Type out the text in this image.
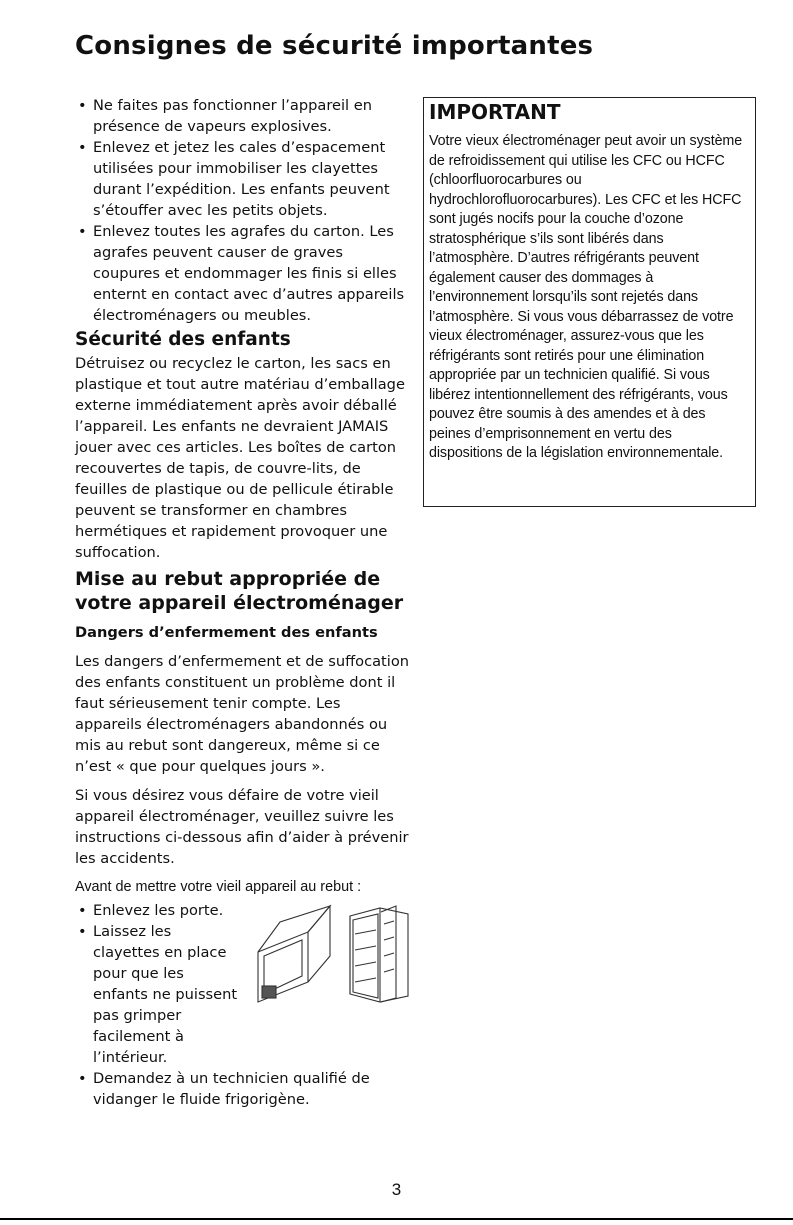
Consignes de sécurité importantes
• Ne faites pas fonctionner l’appareil en présence de vapeurs explosives.
• Enlevez et jetez les cales d’espacement utilisées pour immobiliser les clayettes durant l’expédition. Les enfants peuvent s’étouffer avec les petits objets.
• Enlevez toutes les agrafes du carton. Les agrafes peuvent causer de graves coupures et endommager les finis si elles enternt en contact avec d’autres appareils électroménagers ou meubles.
Sécurité des enfants

Détruisez ou recyclez le carton, les sacs en plastique et tout autre matériau d’emballage externe immédiatement après avoir déballé l’appareil. Les enfants ne devraient JAMAIS jouer avec ces articles. Les boîtes de carton recouvertes de tapis, de couvre-lits, de feuilles de plastique ou de pellicule étirable peuvent se transformer en chambres hermétiques et rapidement provoquer une suffocation.

Mise au rebut appropriée de votre appareil électroménager
Dangers d’enfermement des enfants

Les dangers d’enfermement et de suffocation des enfants constituent un problème dont il faut sérieusement tenir compte. Les appareils électroménagers abandonnés ou mis au rebut sont dangereux, même si ce n’est « que pour quelques jours ».

Si vous désirez vous défaire de votre vieil appareil électroménager, veuillez suivre les instructions ci-dessous afin d’aider à prévenir les accidents.

Avant de mettre votre vieil appareil au rebut :

• Enlevez les porte.
• Laissez les clayettes en place pour que les enfants ne puissent pas grimper facilement à l’intérieur.
• Demandez à un technicien qualifié de vidanger le fluide frigorigène.
IMPORTANT
Votre vieux électroménager peut avoir un système de refroidissement qui utilise les CFC ou HCFC (chloorfluorocarbures ou hydrochlorofluorocarbures). Les CFC et les HCFC sont jugés nocifs pour la couche d’ozone stratosphérique s’ils sont libérés dans l’atmosphère. D’autres réfrigérants peuvent également causer des dommages à l’environnement lorsqu’ils sont rejetés dans l’atmosphère. Si vous vous débarrassez de votre vieux électroménager, assurez-vous que les réfrigérants sont retirés pour une élimination appropriée par un technicien qualifié. Si vous libérez intentionnellement des réfrigérants, vous pouvez être soumis à des amendes et à des peines d’emprisonnement en vertu des dispositions de la législation environnementale.
3
